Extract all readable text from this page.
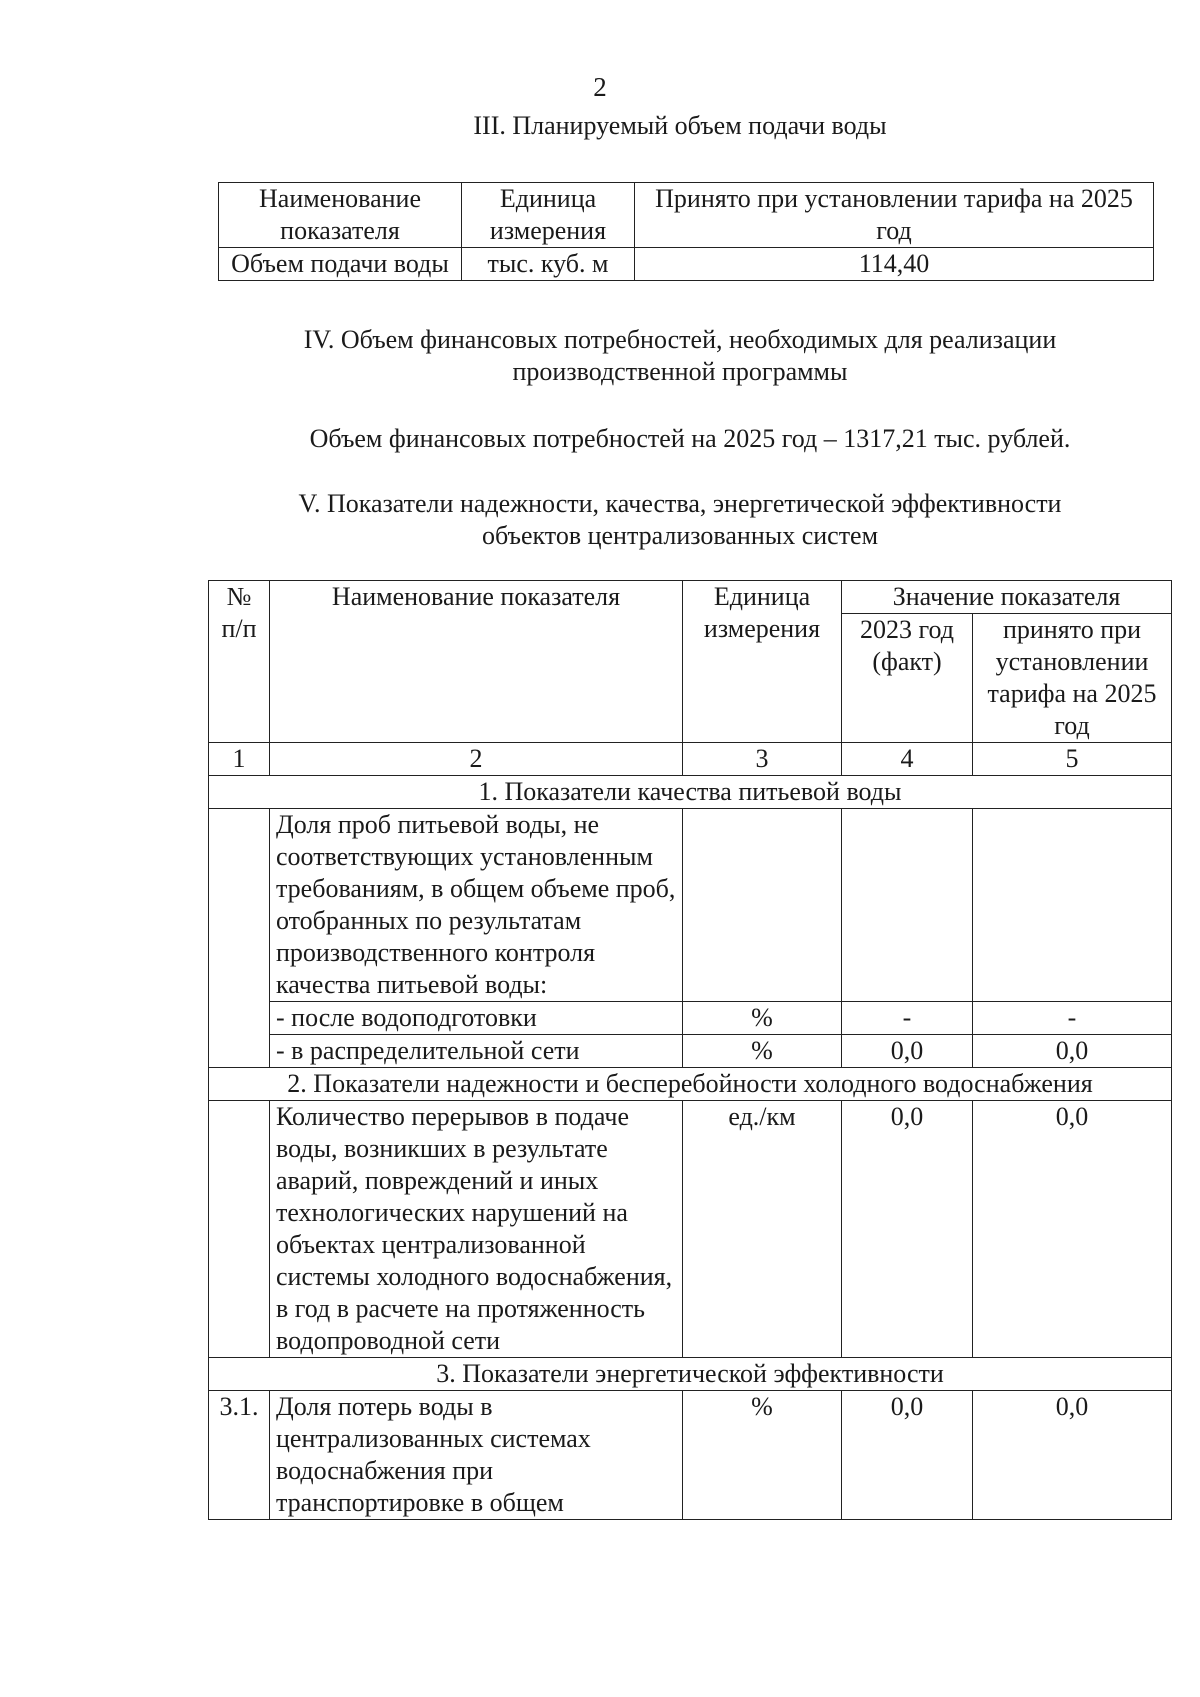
2
III. Планируемый объем подачи воды
Наименование показателя	Единица измерения	Принято при установлении тарифа на 2025 год
Объем подачи воды	тыс. куб. м	114,40
IV. Объем финансовых потребностей, необходимых для реализации
производственной программы
Объем финансовых потребностей на 2025 год – 1317,21 тыс. рублей.
V. Показатели надежности, качества, энергетической эффективности
объектов централизованных систем
№ п/п	Наименование показателя	Единица измерения	Значение показателя	
			2023 год (факт)	принято при установлении тарифа на 2025 год
1	2	3	4	5
1. Показатели качества питьевой воды				
	Доля проб питьевой воды, не соответствующих установленным требованиям, в общем объеме проб, отобранных по результатам производственного контроля качества питьевой воды:			
	- после водоподготовки	%	-	-
	- в распределительной сети	%	0,0	0,0
2. Показатели надежности и бесперебойности холодного водоснабжения				
	Количество перерывов в подаче воды, возникших в результате аварий, повреждений и иных технологических нарушений на объектах централизованной системы холодного водоснабжения, в год в расчете на протяженность водопроводной сети	ед./км	0,0	0,0
3. Показатели энергетической эффективности				
3.1.	Доля потерь воды в централизованных системах водоснабжения при транспортировке в общем	%	0,0	0,0
